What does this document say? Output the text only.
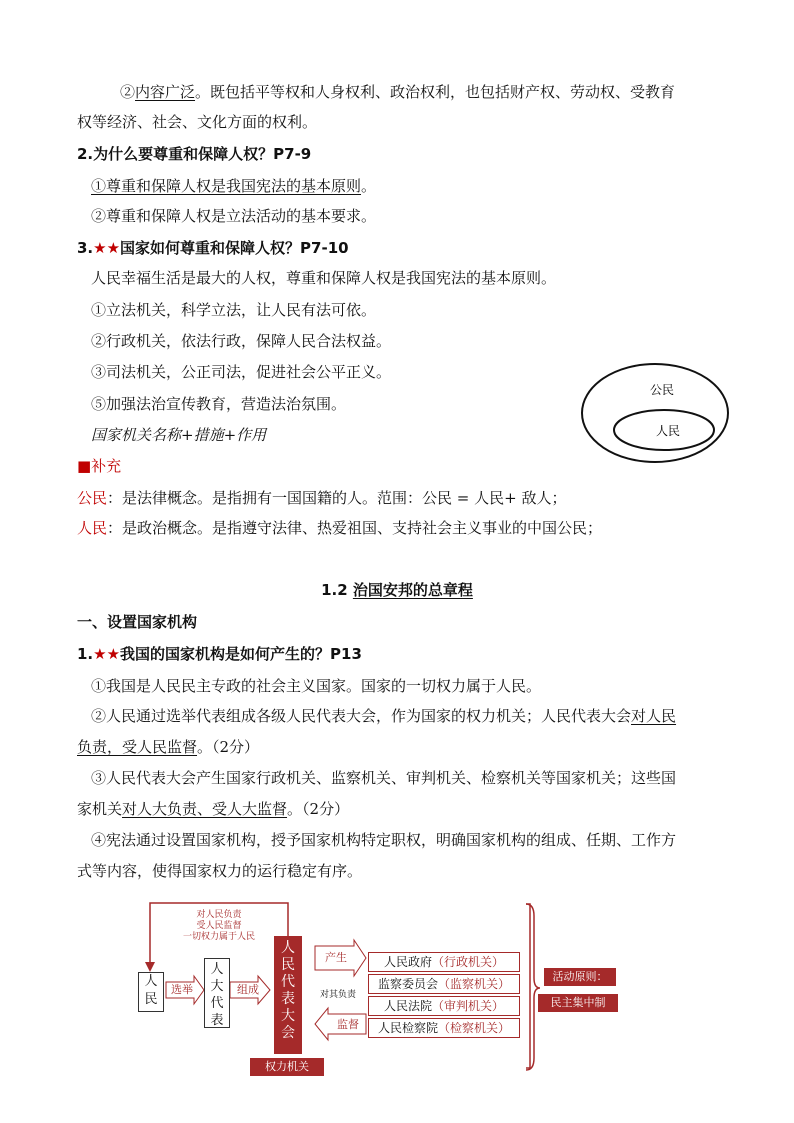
②内容广泛。既包括平等权和人身权利、政治权利，也包括财产权、劳动权、受教育
权等经济、社会、文化方面的权利。
2.为什么要尊重和保障人权？P7-9
①尊重和保障人权是我国宪法的基本原则。
②尊重和保障人权是立法活动的基本要求。
3.★★国家如何尊重和保障人权？P7-10
人民幸福生活是最大的人权，尊重和保障人权是我国宪法的基本原则。
①立法机关，科学立法，让人民有法可依。
②行政机关，依法行政，保障人民合法权益。
③司法机关，公正司法，促进社会公平正义。
⑤加强法治宣传教育，营造法治氛围。
国家机关名称+措施+作用
公民
人民
■补充
公民：是法律概念。是指拥有一国国籍的人。范围：公民 = 人民+ 敌人；
人民：是政治概念。是指遵守法律、热爱祖国、支持社会主义事业的中国公民；
1.2 治国安邦的总章程
一、设置国家机构
1.★★我国的国家机构是如何产生的？P13
①我国是人民民主专政的社会主义国家。国家的一切权力属于人民。
②人民通过选举代表组成各级人民代表大会，作为国家的权力机关；人民代表大会对人民
负责，受人民监督。（2分）
③人民代表大会产生国家行政机关、监察机关、审判机关、检察机关等国家机关；这些国
家机关对人大负责、受人大监督。（2分）
④宪法通过设置国家机构，授予国家机构特定职权，明确国家机构的组成、任期、工作方
式等内容，使得国家权力的运行稳定有序。
对人民负责
受人民监督
一切权力属于人民
人民
选举
人大代表
组成
人民代表大会
权力机关
产生
对其负责
监督
人民政府（行政机关）
监察委员会（监察机关）
人民法院（审判机关）
人民检察院（检察机关）
活动原则：
民主集中制
